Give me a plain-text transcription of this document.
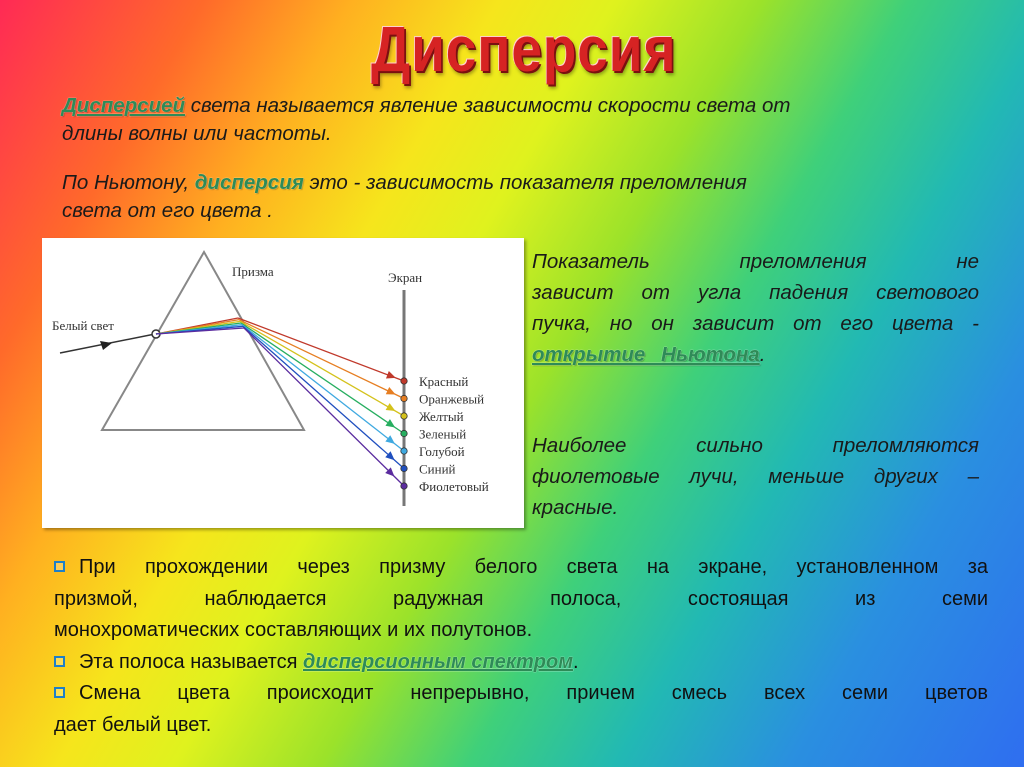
Дисперсия
Дисперсией света называется явление зависимости скорости света от
длины волны или частоты.
По Ньютону, дисперсия это - зависимость показателя преломления
света от его цвета .
Призма	Экран
Белый свет
Красный
Оранжевый
Желтый
Зеленый
Голубой
Синий
Фиолетовый
Показатель преломления не
зависит от угла падения светового
пучка, но он зависит от его цвета -
открытие Ньютона.
Наиболее сильно преломляются
фиолетовые лучи, меньше других –
красные.
При прохождении через призму белого света на экране, установленном за
призмой, наблюдается радужная полоса, состоящая из семи
монохроматических составляющих и их полутонов.
Эта полоса называется дисперсионным спектром.
Смена цвета происходит непрерывно, причем смесь всех семи цветов
дает белый цвет.
